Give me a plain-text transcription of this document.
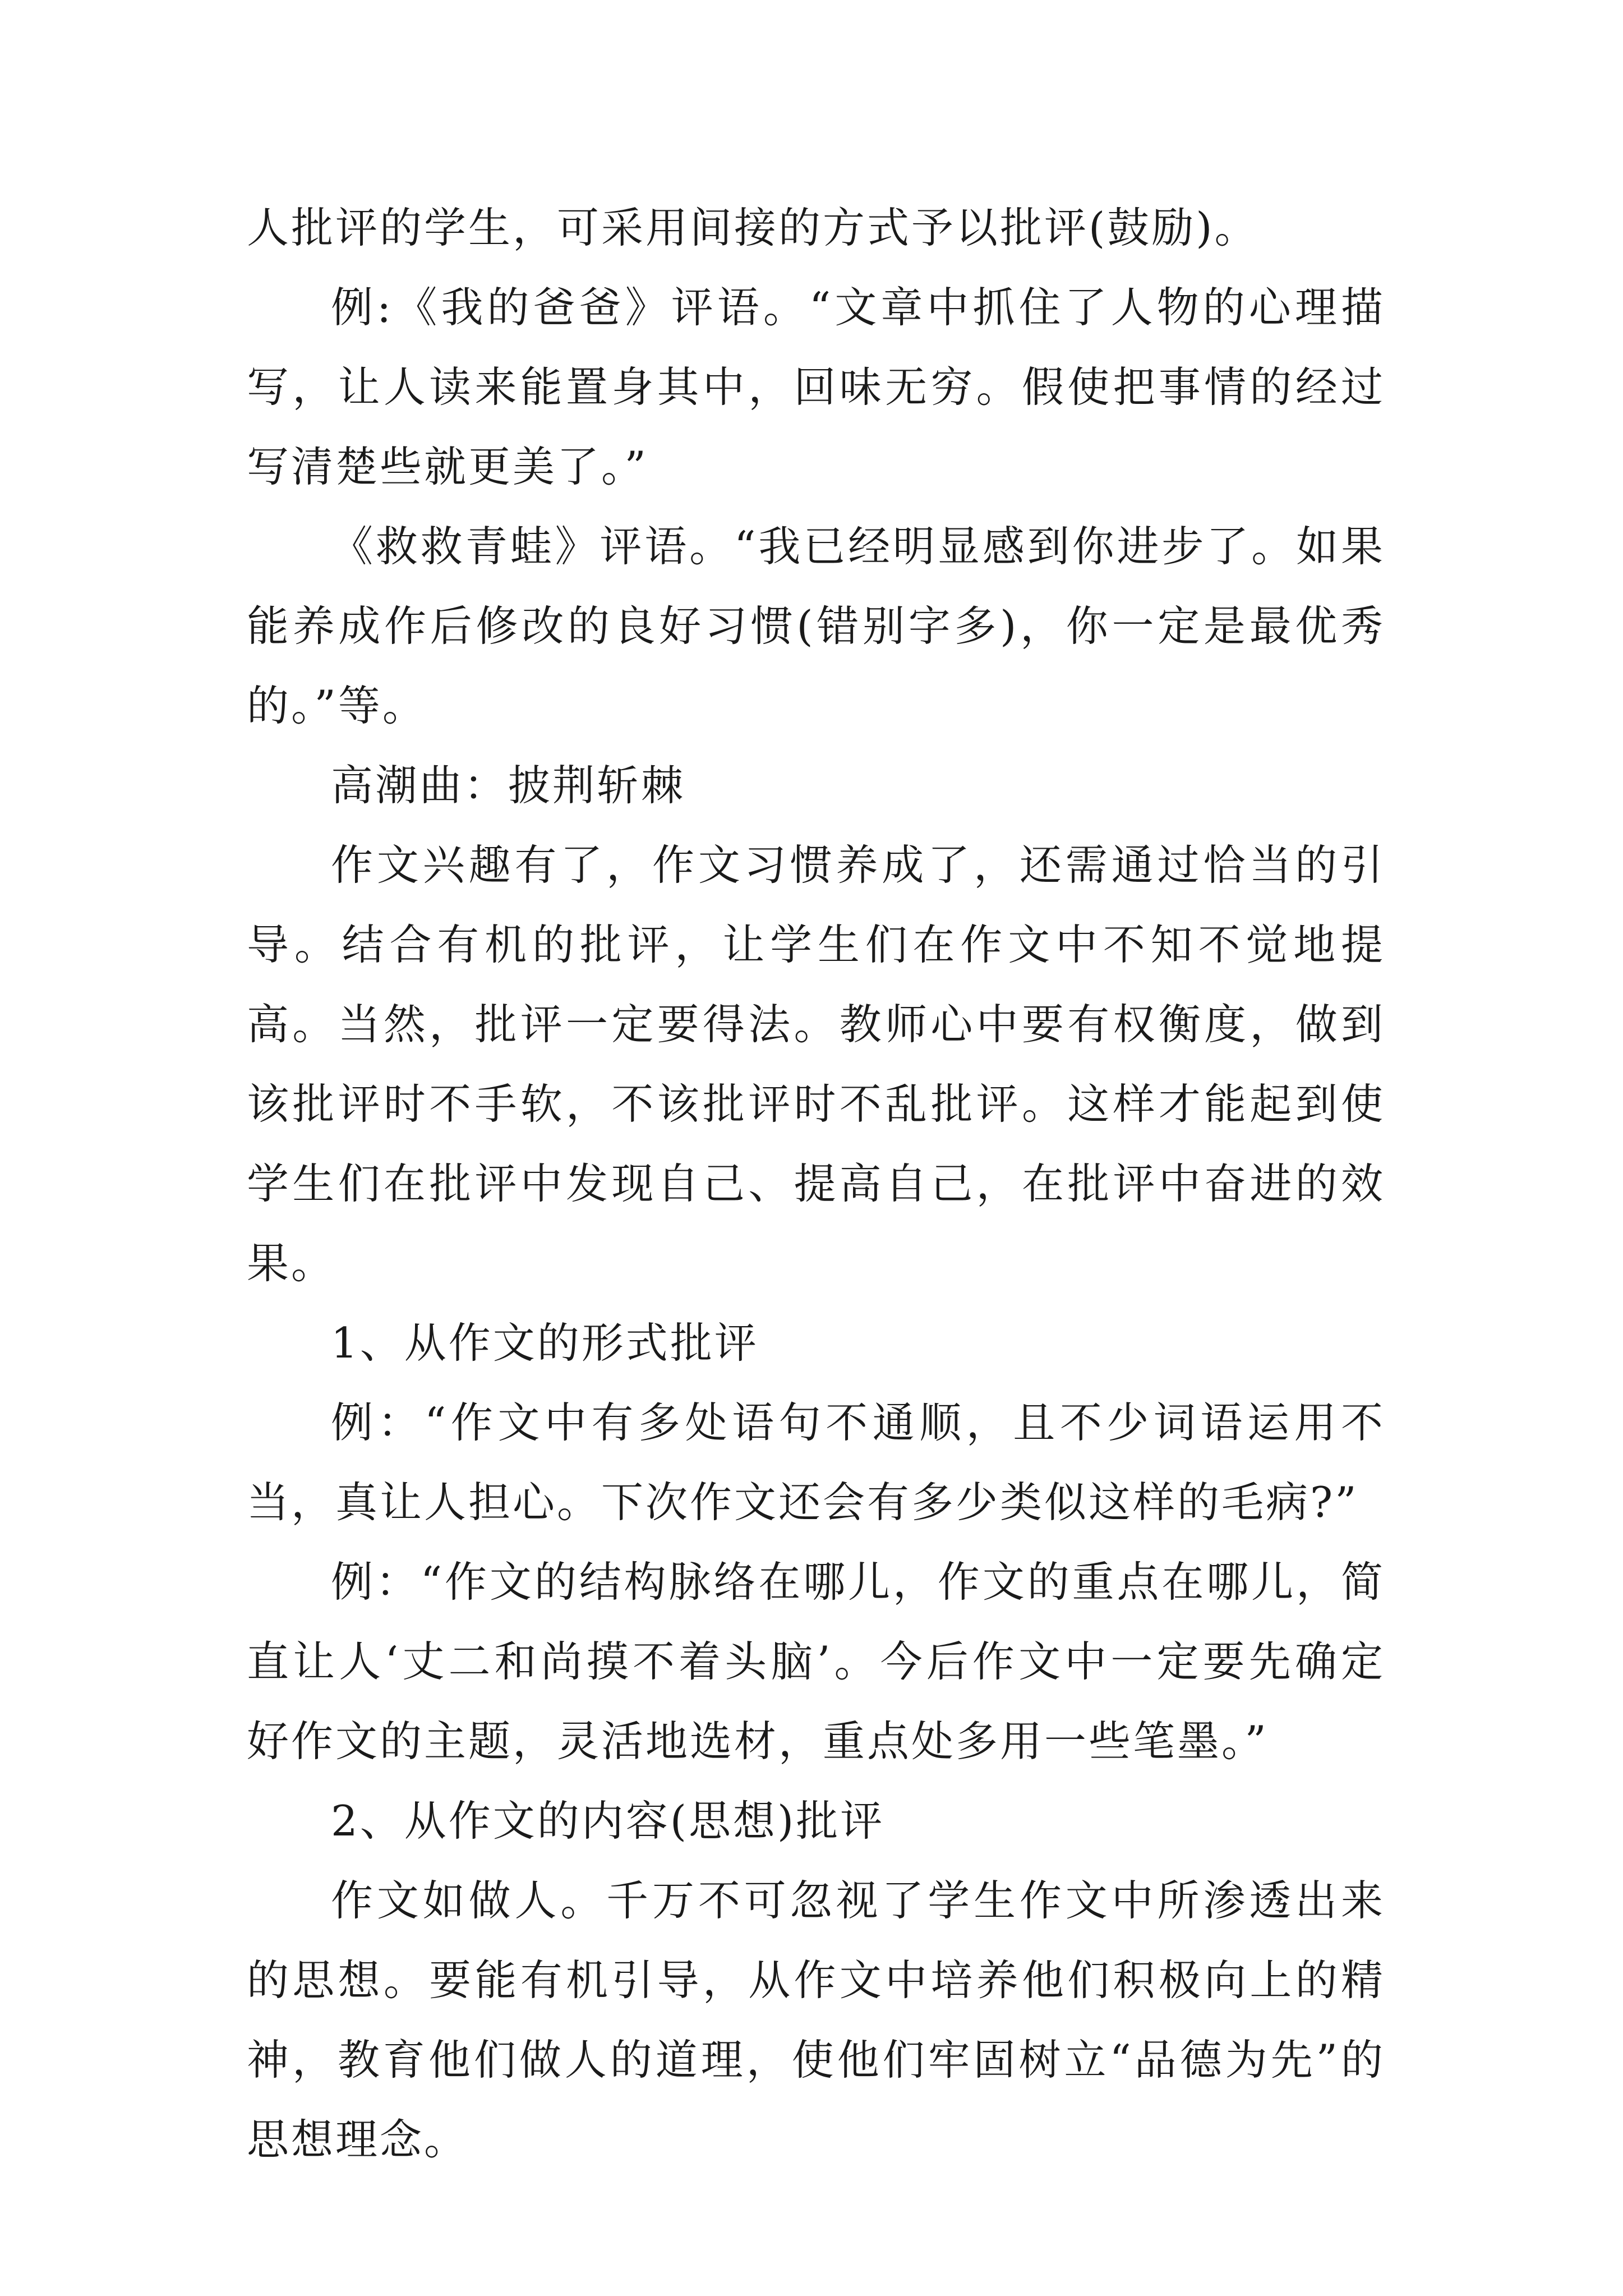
人批评的学生，可采用间接的方式予以批评(鼓励)。

例:《我的爸爸》评语。“文章中抓住了人物的心理描写，让人读来能置身其中，回味无穷。假使把事情的经过写清楚些就更美了。”

《救救青蛙》评语。“我已经明显感到你进步了。如果能养成作后修改的良好习惯(错别字多)，你一定是最优秀的。”等。

高潮曲：披荆斩棘

作文兴趣有了，作文习惯养成了，还需通过恰当的引导。结合有机的批评，让学生们在作文中不知不觉地提高。当然，批评一定要得法。教师心中要有权衡度，做到该批评时不手软，不该批评时不乱批评。这样才能起到使学生们在批评中发现自己、提高自己，在批评中奋进的效果。

1、从作文的形式批评

例：“作文中有多处语句不通顺，且不少词语运用不当，真让人担心。下次作文还会有多少类似这样的毛病?”

例：“作文的结构脉络在哪儿，作文的重点在哪儿，简直让人‘丈二和尚摸不着头脑’。今后作文中一定要先确定好作文的主题，灵活地选材，重点处多用一些笔墨。”

2、从作文的内容(思想)批评

作文如做人。千万不可忽视了学生作文中所渗透出来的思想。要能有机引导，从作文中培养他们积极向上的精神，教育他们做人的道理，使他们牢固树立“品德为先”的思想理念。
